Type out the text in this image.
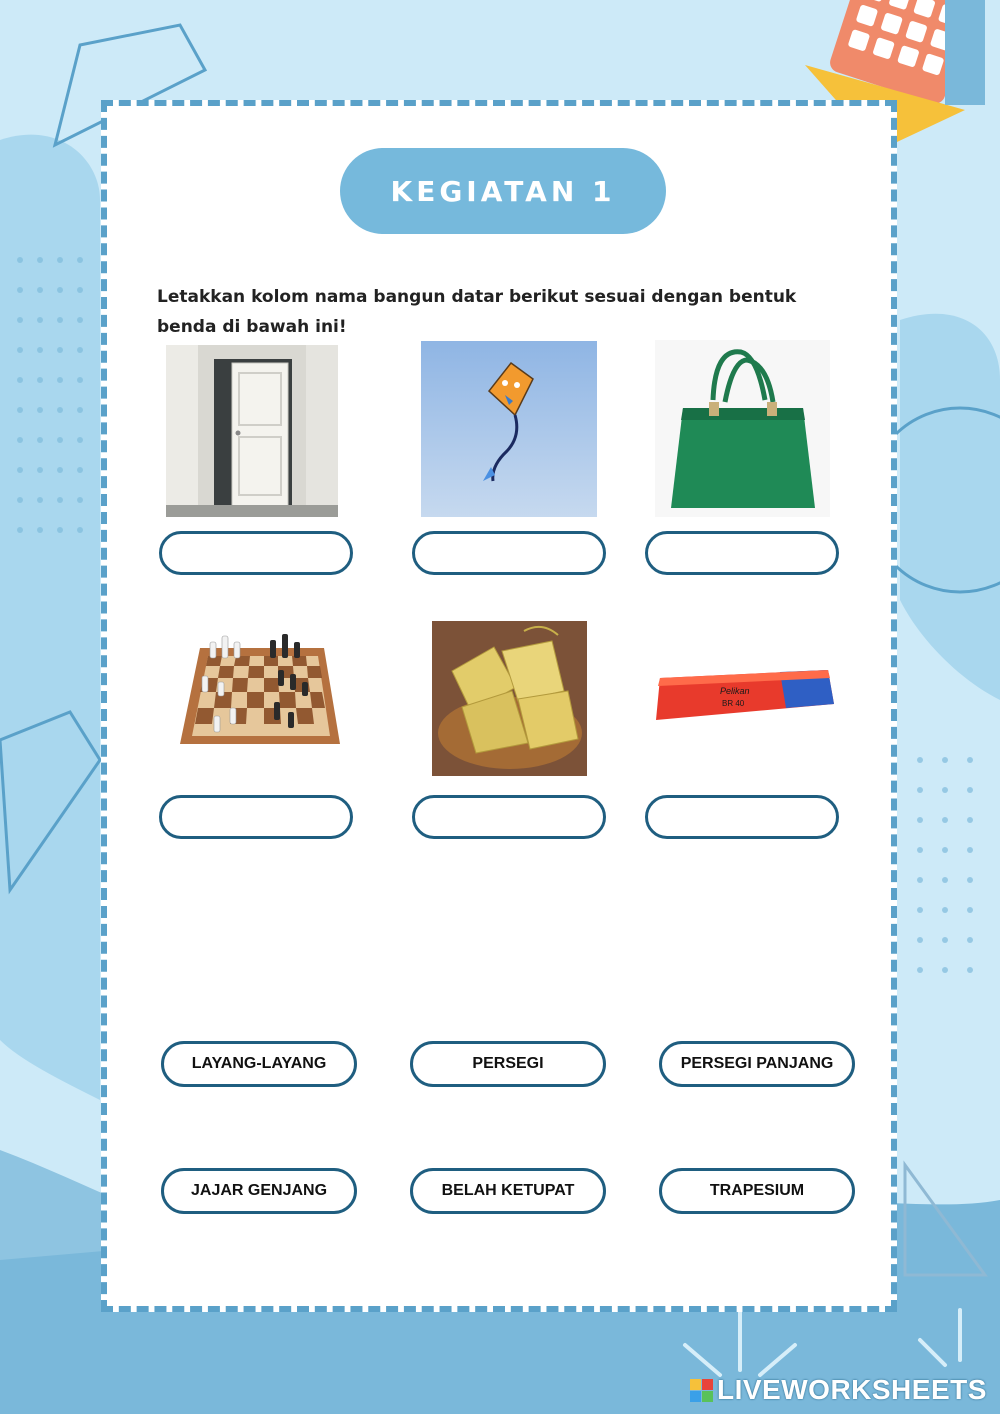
KEGIATAN 1
Letakkan kolom nama bangun datar berikut sesuai dengan bentuk benda di bawah ini!
Pelikan
BR 40
LAYANG-LAYANG	PERSEGI	PERSEGI PANJANG
JAJAR GENJANG	BELAH KETUPAT	TRAPESIUM
LIVEWORKSHEETS
